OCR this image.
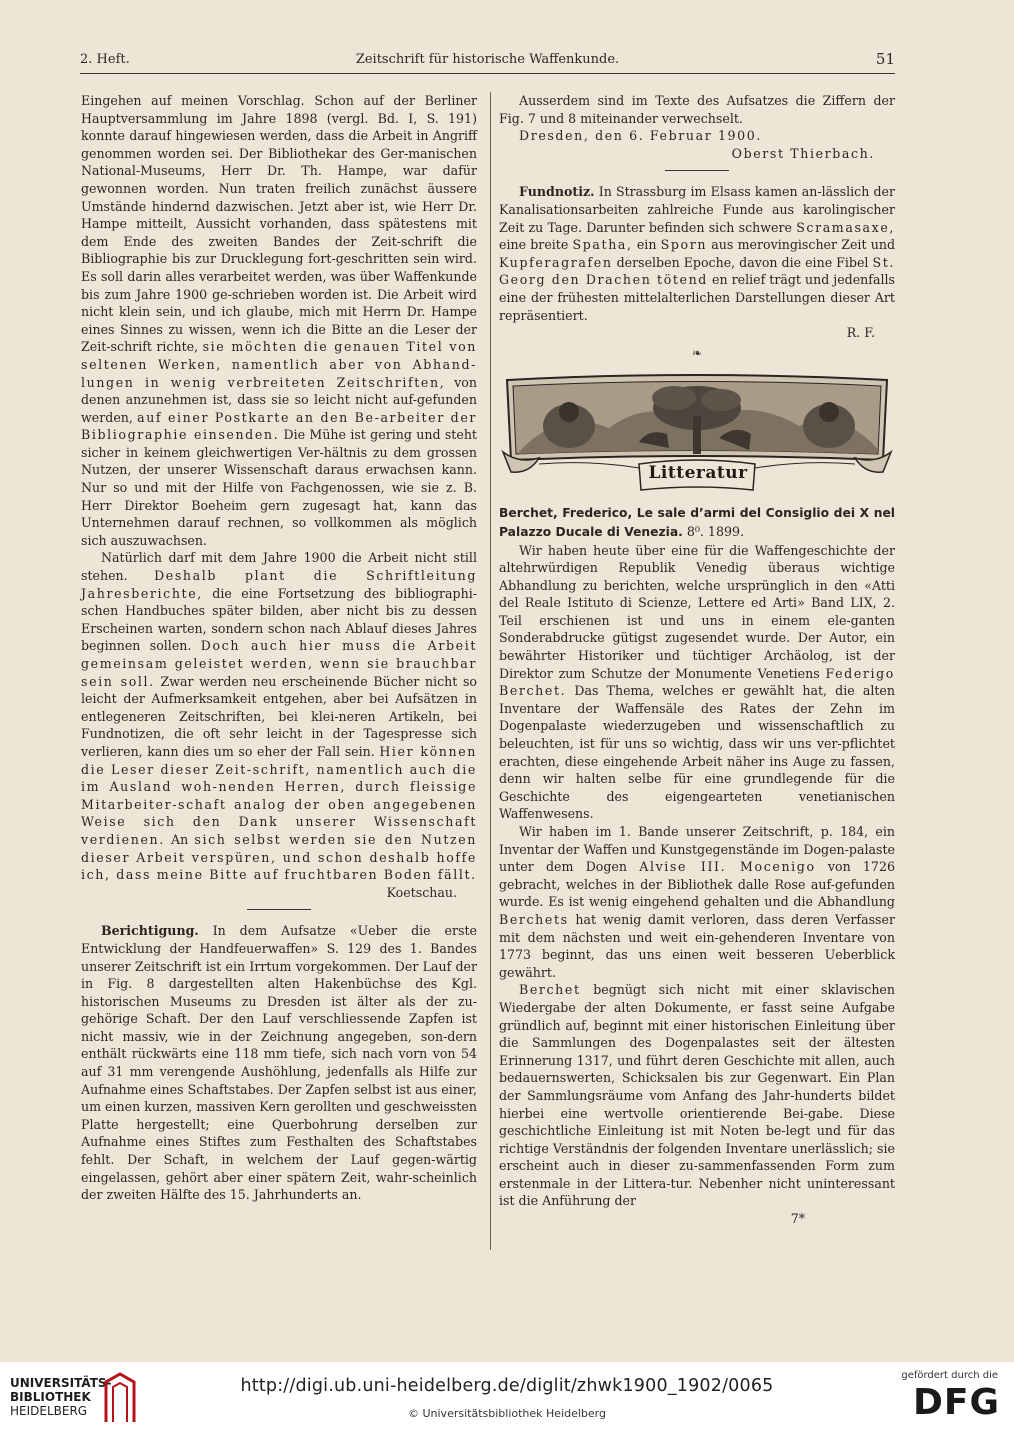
2. Heft.	Zeitschrift für historische Waffenkunde.	51

Eingehen auf meinen Vorschlag. Schon auf der Berliner Hauptversammlung im Jahre 1898 (vergl. Bd. I, S. 191) konnte darauf hingewiesen werden, dass die Arbeit in Angriff genommen worden sei. Der Bibliothekar des Ger-manischen National-Museums, Herr Dr. Th. Hampe, war dafür gewonnen worden. Nun traten freilich zunächst äussere Umstände hindernd dazwischen. Jetzt aber ist, wie Herr Dr. Hampe mitteilt, Aussicht vorhanden, dass spätestens mit dem Ende des zweiten Bandes der Zeit-schrift die Bibliographie bis zur Drucklegung fort-geschritten sein wird. Es soll darin alles verarbeitet werden, was über Waffenkunde bis zum Jahre 1900 ge-schrieben worden ist. Die Arbeit wird nicht klein sein, und ich glaube, mich mit Herrn Dr. Hampe eines Sinnes zu wissen, wenn ich die Bitte an die Leser der Zeit-schrift richte, sie möchten die genauen Titel von seltenen Werken, namentlich aber von Abhand-lungen in wenig verbreiteten Zeitschriften, von denen anzunehmen ist, dass sie so leicht nicht auf-gefunden werden, auf einer Postkarte an den Be-arbeiter der Bibliographie einsenden. Die Mühe ist gering und steht sicher in keinem gleichwertigen Ver-hältnis zu dem grossen Nutzen, der unserer Wissenschaft daraus erwachsen kann. Nur so und mit der Hilfe von Fachgenossen, wie sie z. B. Herr Direktor Boeheim gern zugesagt hat, kann das Unternehmen darauf rechnen, so vollkommen als möglich sich auszuwachsen.

Natürlich darf mit dem Jahre 1900 die Arbeit nicht still stehen. Deshalb plant die Schriftleitung Jahresberichte, die eine Fortsetzung des bibliographi-schen Handbuches später bilden, aber nicht bis zu dessen Erscheinen warten, sondern schon nach Ablauf dieses Jahres beginnen sollen. Doch auch hier muss die Arbeit gemeinsam geleistet werden, wenn sie brauchbar sein soll. Zwar werden neu erscheinende Bücher nicht so leicht der Aufmerksamkeit entgehen, aber bei Aufsätzen in entlegeneren Zeitschriften, bei klei-neren Artikeln, bei Fundnotizen, die oft sehr leicht in der Tagespresse sich verlieren, kann dies um so eher der Fall sein. Hier können die Leser dieser Zeit-schrift, namentlich auch die im Ausland woh-nenden Herren, durch fleissige Mitarbeiter-schaft analog der oben angegebenen Weise sich den Dank unserer Wissenschaft verdienen. An sich selbst werden sie den Nutzen dieser Arbeit verspüren, und schon deshalb hoffe ich, dass meine Bitte auf fruchtbaren Boden fällt.

Koetschau.

Berichtigung. In dem Aufsatze «Ueber die erste Entwicklung der Handfeuerwaffen» S. 129 des 1. Bandes unserer Zeitschrift ist ein Irrtum vorgekommen. Der Lauf der in Fig. 8 dargestellten alten Hakenbüchse des Kgl. historischen Museums zu Dresden ist älter als der zu-gehörige Schaft. Der den Lauf verschliessende Zapfen ist nicht massiv, wie in der Zeichnung angegeben, son-dern enthält rückwärts eine 118 mm tiefe, sich nach vorn von 54 auf 31 mm verengende Aushöhlung, jedenfalls als Hilfe zur Aufnahme eines Schaftstabes. Der Zapfen selbst ist aus einer, um einen kurzen, massiven Kern gerollten und geschweissten Platte hergestellt; eine Querbohrung derselben zur Aufnahme eines Stiftes zum Festhalten des Schaftstabes fehlt. Der Schaft, in welchem der Lauf gegen-wärtig eingelassen, gehört aber einer spätern Zeit, wahr-scheinlich der zweiten Hälfte des 15. Jahrhunderts an.

Ausserdem sind im Texte des Aufsatzes die Ziffern der Fig. 7 und 8 miteinander verwechselt.

Dresden, den 6. Februar 1900.

Oberst Thierbach.

Fundnotiz. In Strassburg im Elsass kamen an-lässlich der Kanalisationsarbeiten zahlreiche Funde aus karolingischer Zeit zu Tage. Darunter befinden sich schwere Scramasaxe, eine breite Spatha, ein Sporn aus merovingischer Zeit und Kupferagrafen derselben Epoche, davon die eine Fibel St. Georg den Drachen tötend en relief trägt und jedenfalls eine der frühesten mittelalterlichen Darstellungen dieser Art repräsentiert.

R. F.

❧
Litteratur

Berchet, Frederico, Le sale d’armi del Consiglio dei X nel Palazzo Ducale di Venezia. 8⁰. 1899.

Wir haben heute über eine für die Waffengeschichte der altehrwürdigen Republik Venedig überaus wichtige Abhandlung zu berichten, welche ursprünglich in den «Atti del Reale Istituto di Scienze, Lettere ed Arti» Band LIX, 2. Teil erschienen ist und uns in einem ele-ganten Sonderabdrucke gütigst zugesendet wurde. Der Autor, ein bewährter Historiker und tüchtiger Archäolog, ist der Direktor zum Schutze der Monumente Venetiens Federigo Berchet. Das Thema, welches er gewählt hat, die alten Inventare der Waffensäle des Rates der Zehn im Dogenpalaste wiederzugeben und wissenschaftlich zu beleuchten, ist für uns so wichtig, dass wir uns ver-pflichtet erachten, diese eingehende Arbeit näher ins Auge zu fassen, denn wir halten selbe für eine grundlegende für die Geschichte des eigengearteten venetianischen Waffenwesens.

Wir haben im 1. Bande unserer Zeitschrift, p. 184, ein Inventar der Waffen und Kunstgegenstände im Dogen-palaste unter dem Dogen Alvise III. Mocenigo von 1726 gebracht, welches in der Bibliothek dalle Rose auf-gefunden wurde. Es ist wenig eingehend gehalten und die Abhandlung Berchets hat wenig damit verloren, dass deren Verfasser mit dem nächsten und weit ein-gehenderen Inventare von 1773 beginnt, das uns einen weit besseren Ueberblick gewährt.

Berchet begnügt sich nicht mit einer sklavischen Wiedergabe der alten Dokumente, er fasst seine Aufgabe gründlich auf, beginnt mit einer historischen Einleitung über die Sammlungen des Dogenpalastes seit der ältesten Erinnerung 1317, und führt deren Geschichte mit allen, auch bedauernswerten, Schicksalen bis zur Gegenwart. Ein Plan der Sammlungsräume vom Anfang des Jahr-hunderts bildet hierbei eine wertvolle orientierende Bei-gabe. Diese geschichtliche Einleitung ist mit Noten be-legt und für das richtige Verständnis der folgenden Inventare unerlässlich; sie erscheint auch in dieser zu-sammenfassenden Form zum erstenmale in der Littera-tur. Nebenher nicht uninteressant ist die Anführung der

7*

UNIVERSITÄTS-
BIBLIOTHEK
HEIDELBERG
http://digi.ub.uni-heidelberg.de/diglit/zhwk1900_1902/0065
© Universitätsbibliothek Heidelberg
gefördert durch die
DFG
